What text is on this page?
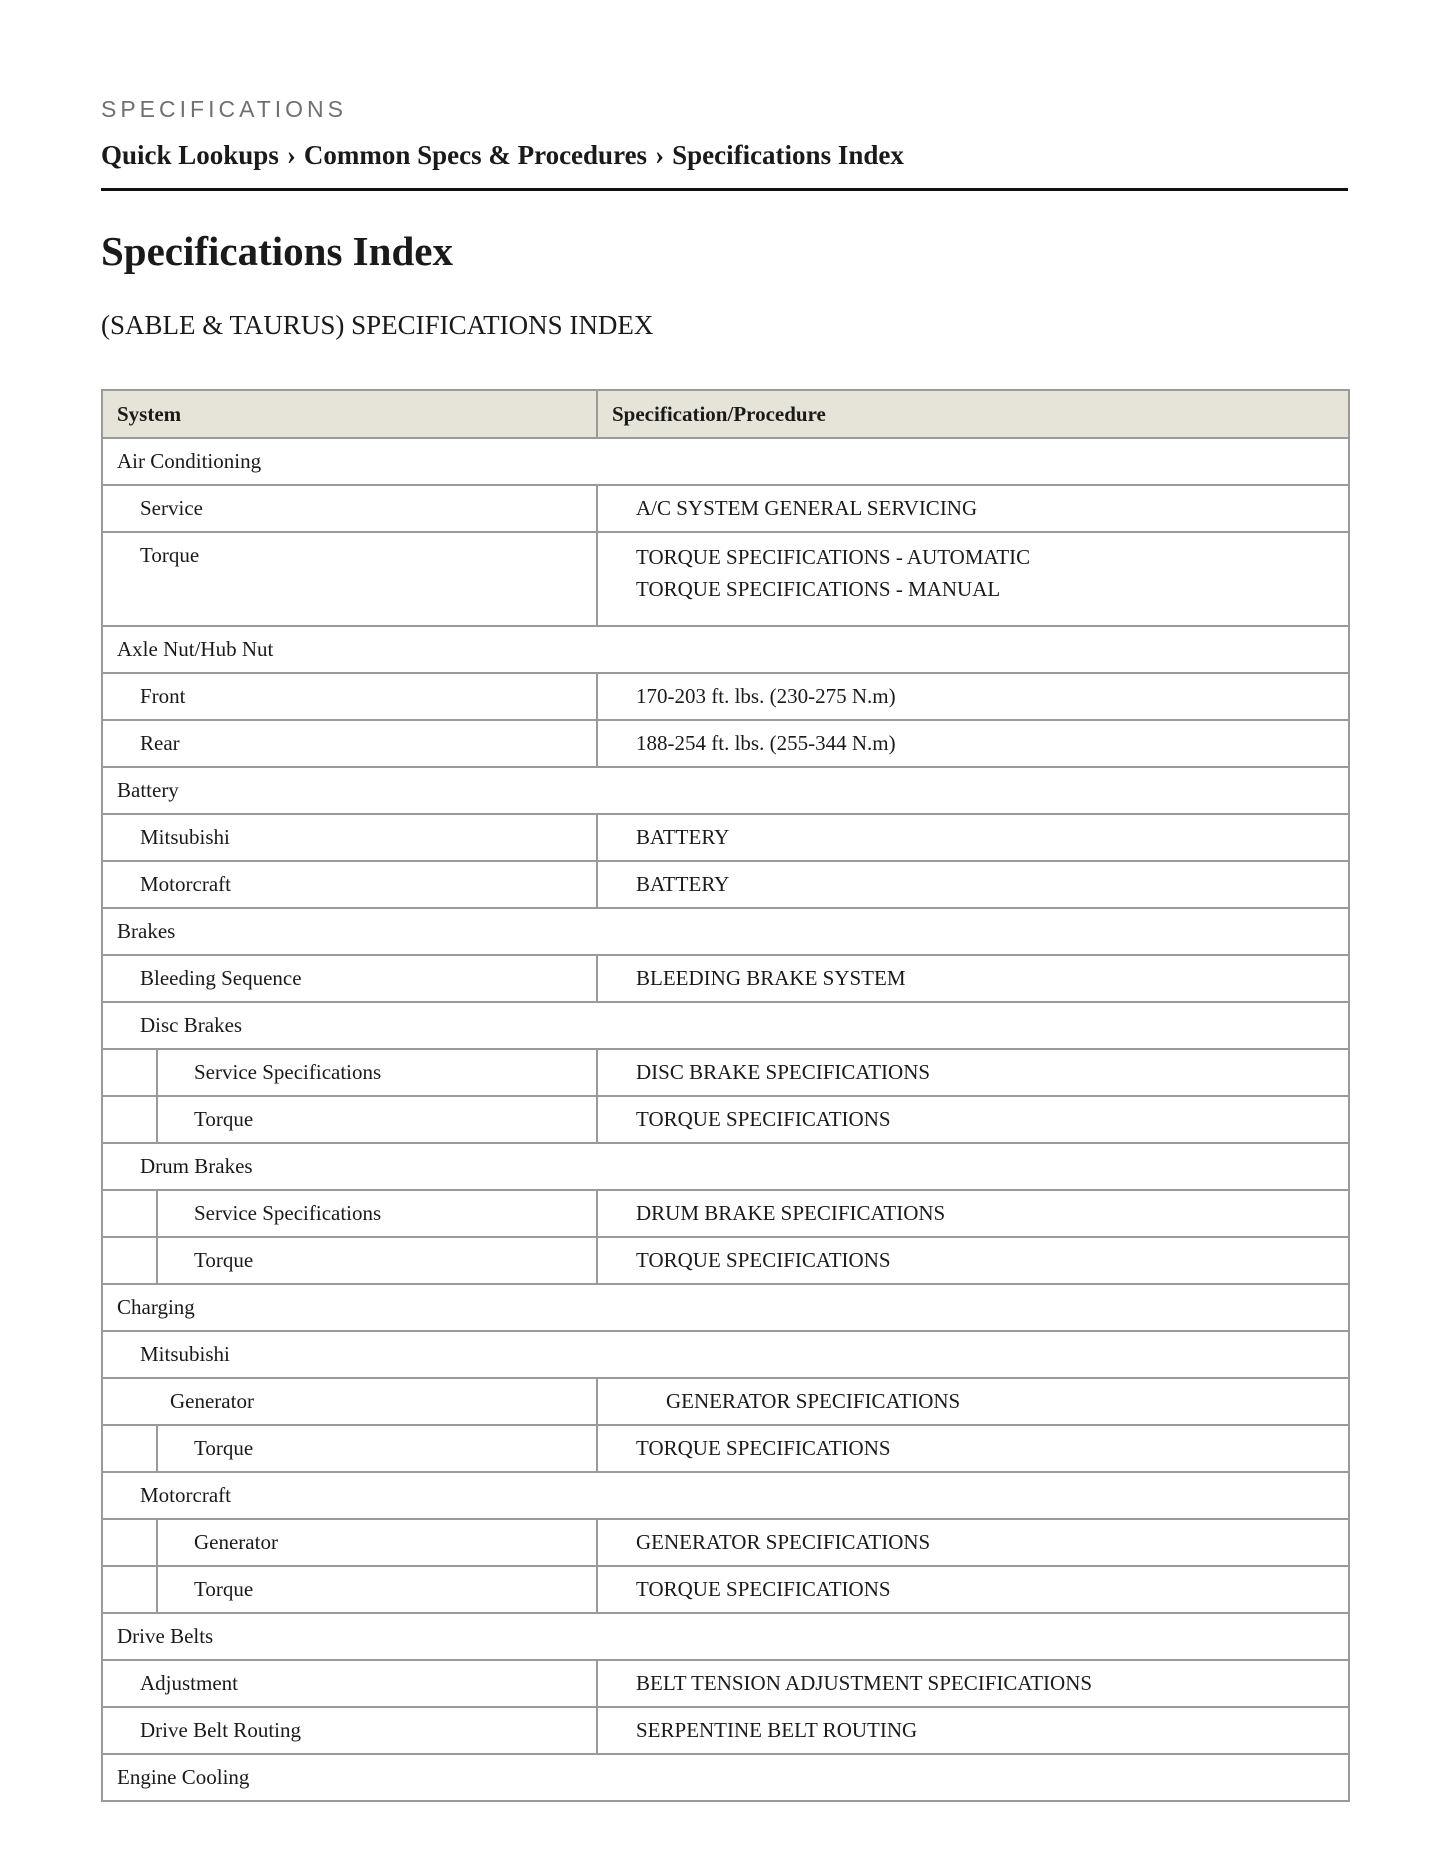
SPECIFICATIONS

Quick Lookups › Common Specs & Procedures › Specifications Index

Specifications Index
(SABLE & TAURUS) SPECIFICATIONS INDEX
System	Specification/Procedure
Air Conditioning	
Service	A/C SYSTEM GENERAL SERVICING
Torque	TORQUE SPECIFICATIONS - AUTOMATIC
TORQUE SPECIFICATIONS - MANUAL

Axle Nut/Hub Nut	
Front	170-203 ft. lbs. (230-275 N.m)
Rear	188-254 ft. lbs. (255-344 N.m)
Battery	
Mitsubishi	BATTERY
Motorcraft	BATTERY
Brakes	
Bleeding Sequence	BLEEDING BRAKE SYSTEM
Disc Brakes	

Service Specifications	DISC BRAKE SPECIFICATIONS

Torque	TORQUE SPECIFICATIONS
Drum Brakes	

Service Specifications	DRUM BRAKE SPECIFICATIONS

Torque	TORQUE SPECIFICATIONS
Charging	
Mitsubishi	
Generator	GENERATOR SPECIFICATIONS

Torque	TORQUE SPECIFICATIONS
Motorcraft	

Generator	GENERATOR SPECIFICATIONS

Torque	TORQUE SPECIFICATIONS
Drive Belts	
Adjustment	BELT TENSION ADJUSTMENT SPECIFICATIONS
Drive Belt Routing	SERPENTINE BELT ROUTING
Engine Cooling	
